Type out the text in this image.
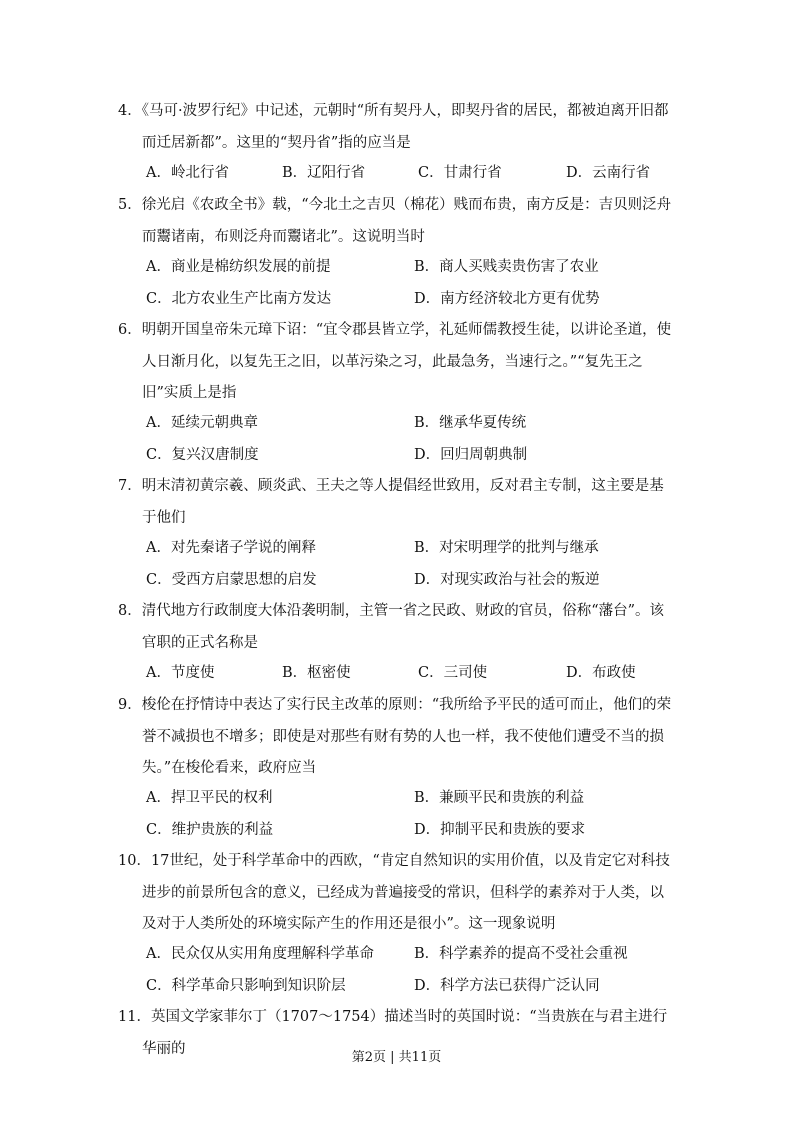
4．《马可·波罗行纪》中记述，元朝时“所有契丹人，即契丹省的居民，都被迫离开旧都而迁居新都”。这里的“契丹省”指的应当是
A．岭北行省	B．辽阳行省	C．甘肃行省	D．云南行省
5．徐光启《农政全书》载，“今北土之吉贝（棉花）贱而布贵，南方反是：吉贝则泛舟而鬻诸南，布则泛舟而鬻诸北”。这说明当时
A．商业是棉纺织发展的前提	B．商人买贱卖贵伤害了农业
C．北方农业生产比南方发达	D．南方经济较北方更有优势
6．明朝开国皇帝朱元璋下诏：“宜令郡县皆立学，礼延师儒教授生徒，以讲论圣道，使人日渐月化，以复先王之旧，以革污染之习，此最急务，当速行之。”“复先王之旧”实质上是指
A．延续元朝典章	B．继承华夏传统
C．复兴汉唐制度	D．回归周朝典制
7．明末清初黄宗羲、顾炎武、王夫之等人提倡经世致用，反对君主专制，这主要是基于他们
A．对先秦诸子学说的阐释	B．对宋明理学的批判与继承
C．受西方启蒙思想的启发	D．对现实政治与社会的叛逆
8．清代地方行政制度大体沿袭明制，主管一省之民政、财政的官员，俗称“藩台”。该官职的正式名称是
A．节度使	B．枢密使	C．三司使	D．布政使
9．梭伦在抒情诗中表达了实行民主改革的原则：“我所给予平民的适可而止，他们的荣誉不减损也不增多；即使是对那些有财有势的人也一样，我不使他们遭受不当的损失。”在梭伦看来，政府应当
A．捍卫平民的权利	B．兼顾平民和贵族的利益
C．维护贵族的利益	D．抑制平民和贵族的要求
10．17世纪，处于科学革命中的西欧，“肯定自然知识的实用价值，以及肯定它对科技进步的前景所包含的意义，已经成为普遍接受的常识，但科学的素养对于人类，以及对于人类所处的环境实际产生的作用还是很小”。这一现象说明
A．民众仅从实用角度理解科学革命	B．科学素养的提高不受社会重视
C．科学革命只影响到知识阶层	D．科学方法已获得广泛认同
11．英国文学家菲尔丁（1707～1754）描述当时的英国时说：“当贵族在与君主进行华丽的
第2页 | 共11页
